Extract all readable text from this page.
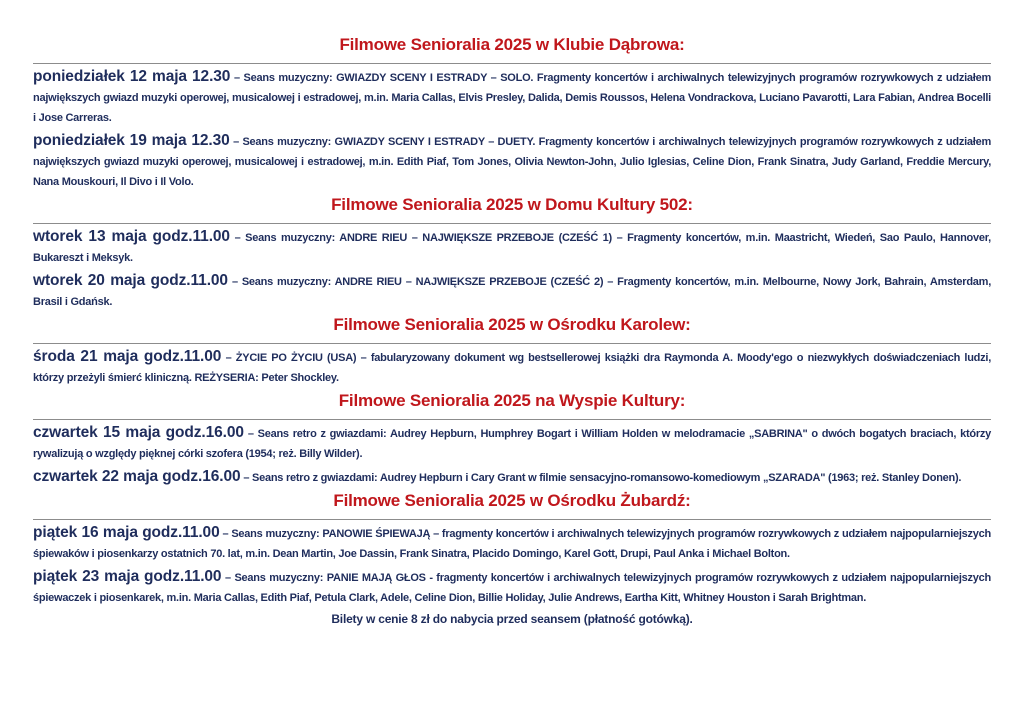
Filmowe Senioralia 2025 w Klubie Dąbrowa:

poniedziałek 12 maja 12.30 – Seans muzyczny: GWIAZDY SCENY I ESTRADY – SOLO. Fragmenty koncertów i archiwalnych telewizyjnych programów rozrywkowych z udziałem największych gwiazd muzyki operowej, musicalowej i estradowej, m.in. Maria Callas, Elvis Presley, Dalida, Demis Roussos, Helena Vondrackova, Luciano Pavarotti, Lara Fabian, Andrea Bocelli i Jose Carreras.

poniedziałek 19 maja 12.30 – Seans muzyczny: GWIAZDY SCENY I ESTRADY – DUETY. Fragmenty koncertów i archiwalnych telewizyjnych programów rozrywkowych z udziałem największych gwiazd muzyki operowej, musicalowej i estradowej, m.in. Edith Piaf, Tom Jones, Olivia Newton-John, Julio Iglesias, Celine Dion, Frank Sinatra, Judy Garland, Freddie Mercury, Nana Mouskouri, Il Divo i Il Volo.

Filmowe Senioralia 2025 w Domu Kultury 502:

wtorek 13 maja godz.11.00 – Seans muzyczny: ANDRE RIEU – NAJWIĘKSZE PRZEBOJE (CZEŚĆ 1) – Fragmenty koncertów, m.in. Maastricht, Wiedeń, Sao Paulo, Hannover, Bukareszt i Meksyk.

wtorek 20 maja godz.11.00 – Seans muzyczny: ANDRE RIEU – NAJWIĘKSZE PRZEBOJE (CZEŚĆ 2) – Fragmenty koncertów, m.in. Melbourne, Nowy Jork, Bahrain, Amsterdam, Brasil i Gdańsk.

Filmowe Senioralia 2025 w Ośrodku Karolew:

środa 21 maja godz.11.00 – ŻYCIE PO ŻYCIU (USA) – fabularyzowany dokument wg bestsellerowej książki dra Raymonda A. Moody'ego o niezwykłych doświadczeniach ludzi, którzy przeżyli śmierć kliniczną. REŻYSERIA: Peter Shockley.

Filmowe Senioralia 2025 na Wyspie Kultury:

czwartek 15 maja godz.16.00 – Seans retro z gwiazdami: Audrey Hepburn, Humphrey Bogart i William Holden w melodramacie „SABRINA" o dwóch bogatych braciach, którzy rywalizują o względy pięknej córki szofera (1954; reż. Billy Wilder).

czwartek 22 maja godz.16.00 – Seans retro z gwiazdami: Audrey Hepburn i Cary Grant w filmie sensacyjno-romansowo-komediowym „SZARADA" (1963; reż. Stanley Donen).

Filmowe Senioralia 2025 w Ośrodku Żubardź:

piątek 16 maja godz.11.00 – Seans muzyczny: PANOWIE ŚPIEWAJĄ – fragmenty koncertów i archiwalnych telewizyjnych programów rozrywkowych z udziałem najpopularniejszych śpiewaków i piosenkarzy ostatnich 70. lat, m.in. Dean Martin, Joe Dassin, Frank Sinatra, Placido Domingo, Karel Gott, Drupi, Paul Anka i Michael Bolton.

piątek 23 maja godz.11.00 – Seans muzyczny: PANIE MAJĄ GŁOS - fragmenty koncertów i archiwalnych telewizyjnych programów rozrywkowych z udziałem najpopularniejszych śpiewaczek i piosenkarek, m.in. Maria Callas, Edith Piaf, Petula Clark, Adele, Celine Dion, Billie Holiday, Julie Andrews, Eartha Kitt, Whitney Houston i Sarah Brightman.

Bilety w cenie 8 zł do nabycia przed seansem (płatność gotówką).
